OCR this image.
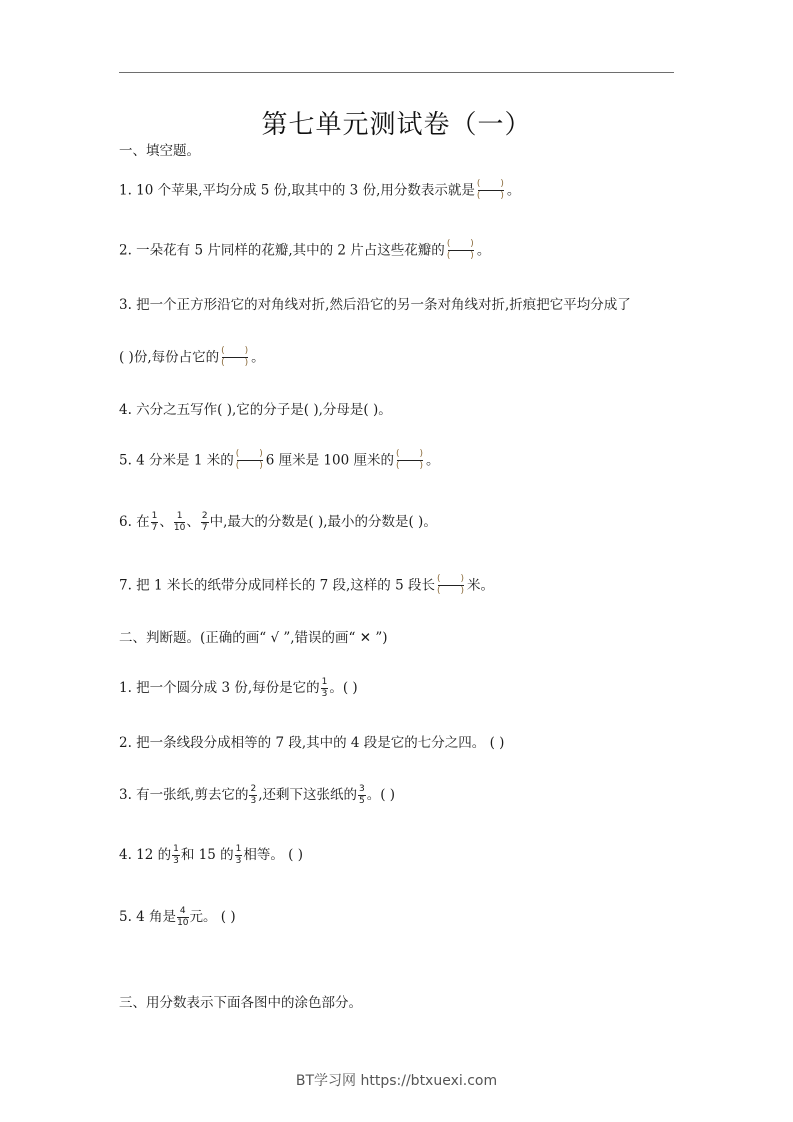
第七单元测试卷（一）
一、填空题。
1. 10 个苹果,平均分成 5 份,取其中的 3 份,用分数表示就是 ( )
( ) 。
2. 一朵花有 5 片同样的花瓣,其中的 2 片占这些花瓣的 ( )
( ) 。
3. 把一个正方形沿它的对角线对折,然后沿它的另一条对角线对折,折痕把它平均分成了
( )份,每份占它的 ( )
( ) 。
4. 六分之五写作( ),它的分子是( ),分母是( )。
5. 4 分米是 1 米的 ( )
( ) 6 厘米是 100 厘米的 ( )
( ) 。
6. 在 $\frac{1}{7}$ 、 $\frac{1}{10}$ 、 $\frac{2}{7}$ 中,最大的分数是( ),最小的分数是( )。
7. 把 1 米长的纸带分成同样长的 7 段,这样的 5 段长 ( )
( ) 米。
二、判断题。(正确的画“ √ ”,错误的画“ ✕ ”)
1. 把一个圆分成 3 份,每份是它的 $\frac{1}{3}$ 。( )
2. 把一条线段分成相等的 7 段,其中的 4 段是它的七分之四。 ( )
3. 有一张纸,剪去它的 $\frac{2}{3}$ ,还剩下这张纸的 $\frac{3}{5}$ 。( )
4. 12 的 $\frac{1}{3}$ 和 15 的 $\frac{1}{3}$ 相等。 ( )
5. 4 角是 $\frac{4}{10}$ 元。 ( )
三、用分数表示下面各图中的涂色部分。
BT学习网 https://btxuexi.com
